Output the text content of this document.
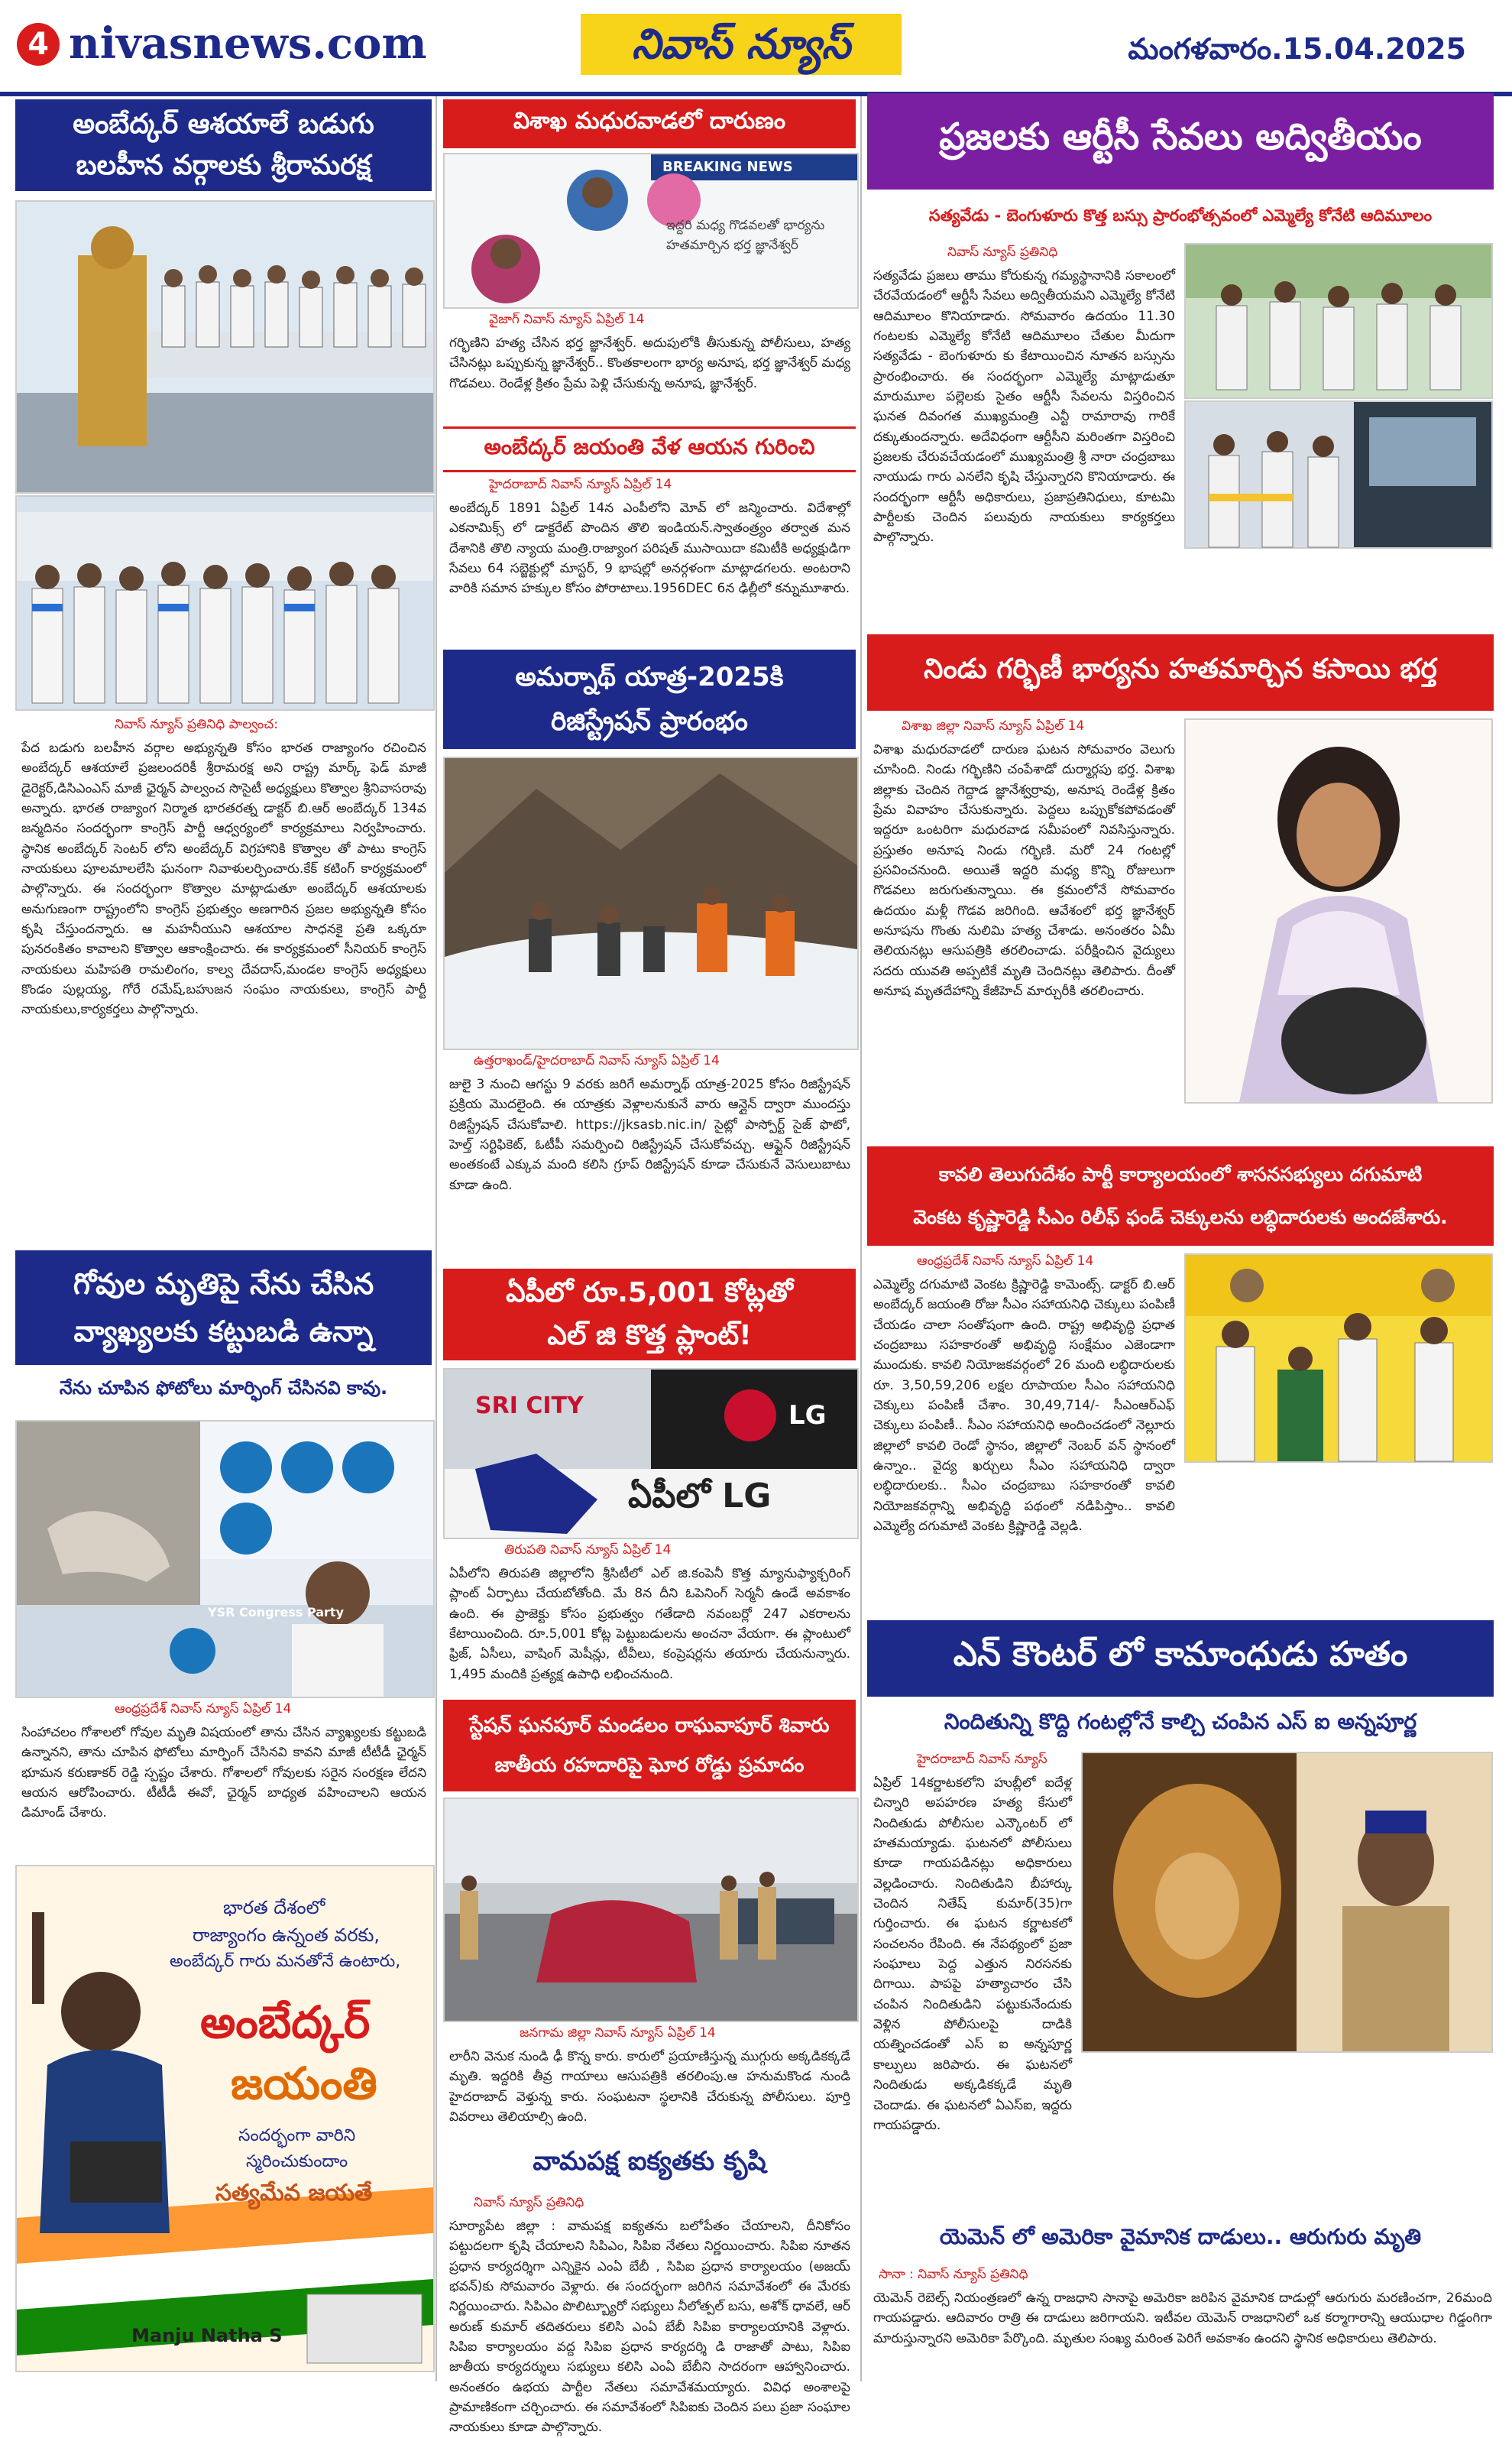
4 nivasnews.com	నివాస్ న్యూస్	మంగళవారం.15.04.2025
అంబేద్కర్ ఆశయాలే బడుగు
బలహీన వర్గాలకు శ్రీరామరక్ష
నివాస్ న్యూస్ ప్రతినిధి పాల్వంచ:
పేద బడుగు బలహీన వర్గాల అభ్యున్నతి కోసం భారత రాజ్యాంగం రచించిన అంబేద్కర్ ఆశయాలే ప్రజలందరికీ శ్రీరామరక్ష అని రాష్ట్ర మార్క్ ఫెడ్ మాజీ డైరెక్టర్,డిసిఎంఎస్ మాజీ ఛైర్మన్ పాల్వంచ సొసైటీ అధ్యక్షులు కొత్వాల శ్రీనివాసరావు అన్నారు. భారత రాజ్యాంగ నిర్మాత భారతరత్న డాక్టర్ బి.ఆర్ అంబేద్కర్ 134వ జన్మదినం సందర్భంగా కాంగ్రెస్ పార్టీ ఆధ్వర్యంలో కార్యక్రమాలు నిర్వహించారు. స్థానిక అంబేద్కర్ సెంటర్ లోని అంబేద్కర్ విగ్రహానికి కొత్వాల తో పాటు కాంగ్రెస్ నాయకులు పూలమాలలేసి ఘనంగా నివాళులర్పించారు.కేక్ కటింగ్ కార్యక్రమంలో పాల్గొన్నారు. ఈ సందర్భంగా కొత్వాల మాట్లాడుతూ అంబేద్కర్ ఆశయాలకు అనుగుణంగా రాష్ట్రంలోని కాంగ్రెస్ ప్రభుత్వం అణగారిన ప్రజల అభ్యున్నతి కోసం కృషి చేస్తుందన్నారు. ఆ మహనీయుని ఆశయాల సాధనకై ప్రతి ఒక్కరూ పునరంకితం కావాలని కొత్వాల ఆకాంక్షించారు. ఈ కార్యక్రమంలో సీనియర్ కాంగ్రెస్ నాయకులు మహిపతి రామలింగం, కాల్వ దేవదాస్,మండల కాంగ్రెస్ అధ్యక్షులు కొండం పుల్లయ్య, గోరే రమేష్,బహుజన సంఘం నాయకులు, కాంగ్రెస్ పార్టీ నాయకులు,కార్యకర్తలు పాల్గొన్నారు.
గోవుల మృతిపై నేను చేసిన
వ్యాఖ్యలకు కట్టుబడి ఉన్నా
నేను చూపిన ఫోటోలు మార్ఫింగ్ చేసినవి కావు.
YSR Congress Party
ఆంధ్రప్రదేశ్ నివాస్ న్యూస్ ఏప్రిల్ 14
సింహాచలం గోశాలలో గోవుల మృతి విషయంలో తాను చేసిన వ్యాఖ్యలకు కట్టుబడి ఉన్నానని, తాను చూపిన ఫోటోలు మార్ఫింగ్ చేసినవి కావని మాజీ టీటీడీ ఛైర్మన్ భూమన కరుణాకర్ రెడ్డి స్పష్టం చేశారు. గోశాలలో గోవులకు సరైన సంరక్షణ లేదని ఆయన ఆరోపించారు. టీటీడీ ఈవో, ఛైర్మన్ బాధ్యత వహించాలని ఆయన డిమాండ్ చేశారు.
భారత దేశంలో
రాజ్యాంగం ఉన్నంత వరకు,
అంబేద్కర్ గారు మనతోనే ఉంటారు,
అంబేద్కర్
జయంతి
సందర్భంగా వారిని
స్మరించుకుందాం
సత్యమేవ జయతే
Manju Natha S
విశాఖ మధురవాడలో దారుణం
BREAKING NEWS
ఇద్దరి మధ్య గొడవలతో భార్యను హతమార్చిన భర్త జ్ఞానేశ్వర్
వైజాగ్ నివాస్ న్యూస్ ఏప్రిల్ 14
గర్భిణిని హత్య చేసిన భర్త జ్ఞానేశ్వర్. అదుపులోకి తీసుకున్న పోలీసులు, హత్య చేసినట్లు ఒప్పుకున్న జ్ఞానేశ్వర్.. కొంతకాలంగా భార్య అనూష, భర్త జ్ఞానేశ్వర్ మధ్య గొడవలు. రెండేళ్ల క్రితం ప్రేమ పెళ్లి చేసుకున్న అనూష, జ్ఞానేశ్వర్.
అంబేద్కర్ జయంతి వేళ ఆయన గురించి
హైదరాబాద్ నివాస్ న్యూస్ ఏప్రిల్ 14
అంబేద్కర్ 1891 ఏప్రిల్ 14న ఎంపీలోని మోవ్ లో జన్మించారు. విదేశాల్లో ఎకనామిక్స్ లో డాక్టరేట్ పొందిన తొలి ఇండియన్.స్వాతంత్ర్యం తర్వాత మన దేశానికి తొలి న్యాయ మంత్రి.రాజ్యాంగ పరిషత్ ముసాయిదా కమిటీకి అధ్యక్షుడిగా సేవలు 64 సబ్జెక్టుల్లో మాస్టర్, 9 భాషల్లో అనర్గళంగా మాట్లాడగలరు. అంటరాని వారికి సమాన హక్కుల కోసం పోరాటాలు.1956DEC 6న ఢిల్లీలో కన్నుమూశారు.
అమర్నాథ్ యాత్ర-2025కి
రిజిస్ట్రేషన్ ప్రారంభం
ఉత్తరాఖండ్/హైదరాబాద్ నివాస్ న్యూస్ ఏప్రిల్ 14
జులై 3 నుంచి ఆగస్టు 9 వరకు జరిగే అమర్నాథ్ యాత్ర-2025 కోసం రిజిస్ట్రేషన్ ప్రక్రియ మొదలైంది. ఈ యాత్రకు వెళ్లాలనుకునే వారు ఆన్లైన్ ద్వారా ముందస్తు రిజిస్ట్రేషన్ చేసుకోవాలి. https://jksasb.nic.in/ సైట్లో పాస్పోర్ట్ సైజ్ ఫొటో, హెల్త్ సర్టిఫికెట్, ఓటీపీ సమర్పించి రిజిస్ట్రేషన్ చేసుకోవచ్చు. ఆఫ్లైన్ రిజిస్ట్రేషన్ అంతకంటే ఎక్కువ మంది కలిసి గ్రూప్ రిజిస్ట్రేషన్ కూడా చేసుకునే వెసులుబాటు కూడా ఉంది.
ఏపీలో రూ.5,001 కోట్లతో
ఎల్ జి కొత్త ప్లాంట్!
SRI CITY	LG
ఏపీలో LG
తిరుపతి నివాస్ న్యూస్ ఏప్రిల్ 14
ఏపీలోని తిరుపతి జిల్లాలోని శ్రీసిటీలో ఎల్ జి.కంపెనీ కొత్త మ్యానుఫ్యాక్చరింగ్ ప్లాంట్ ఏర్పాటు చేయబోతోంది. మే 8న దీని ఓపెనింగ్ సెర్మనీ ఉండే అవకాశం ఉంది. ఈ ప్రాజెక్టు కోసం ప్రభుత్వం గతేడాది నవంబర్లో 247 ఎకరాలను కేటాయించింది. రూ.5,001 కోట్ల పెట్టుబడులను అంచనా వేయగా. ఈ ప్లాంటులో ఫ్రిజ్, ఏసీలు, వాషింగ్ మెషీన్లు, టీవీలు, కంప్రెషర్లను తయారు చేయనున్నారు. 1,495 మందికి ప్రత్యక్ష ఉపాధి లభించనుంది.
స్టేషన్ ఘనపూర్ మండలం రాఘవాపూర్ శివారు
జాతీయ రహదారిపై ఘోర రోడ్డు ప్రమాదం
జనగామ జిల్లా నివాస్ న్యూస్ ఏప్రిల్ 14
లారీని వెనుక నుండి ఢీ కొన్న కారు. కారులో ప్రయాణిస్తున్న ముగ్గురు అక్కడికక్కడే మృతి. ఇద్దరికి తీవ్ర గాయాలు ఆసుపత్రికి తరలింపు.ఆ హనుమకొండ నుండి హైదరాబాద్ వెళ్తున్న కారు. సంఘటనా స్థలానికి చేరుకున్న పోలీసులు. పూర్తి వివరాలు తెలియాల్సి ఉంది.
వామపక్ష ఐక్యతకు కృషి
నివాస్ న్యూస్ ప్రతినిధి
సూర్యాపేట జిల్లా : వామపక్ష ఐక్యతను బలోపేతం చేయాలని, దీనికోసం పట్టుదలగా కృషి చేయాలని సిపిఎం, సిపిఐ నేతలు నిర్ణయించారు. సిపిఐ నూతన ప్రధాన కార్యదర్శిగా ఎన్నికైన ఎంఏ బేబీ , సిపిఐ ప్రధాన కార్యాలయం (అజయ్ భవన్)కు సోమవారం వెళ్లారు. ఈ సందర్భంగా జరిగిన సమావేశంలో ఈ మేరకు నిర్ణయించారు. సిపిఎం పొలిట్బ్యూరో సభ్యులు నీలోత్పల్ బసు, అశోక్ ధావలే, ఆర్ అరుణ్ కుమార్ తదితరులు కలిసి ఎంఏ బేబీ సిపిఐ కార్యాలయానికి వెళ్లారు. సిపిఐ కార్యాలయం వద్ద సిపిఐ ప్రధాన కార్యదర్శి డి రాజాతో పాటు, సిపిఐ జాతీయ కార్యదర్శులు సభ్యులు కలిసి ఎంఏ బేబీని సాదరంగా ఆహ్వానించారు. అనంతరం ఉభయ పార్టీల నేతలు సమావేశమయ్యారు. వివిధ అంశాలపై ప్రామాణికంగా చర్చించారు. ఈ సమావేశంలో సిపిఐకు చెందిన పలు ప్రజా సంఘాల నాయకులు కూడా పాల్గొన్నారు.
ప్రజలకు ఆర్టీసీ సేవలు అద్వితీయం
సత్యవేడు - బెంగుళూరు కొత్త బస్సు ప్రారంభోత్సవంలో ఎమ్మెల్యే కోనేటి ఆదిమూలం
నివాస్ న్యూస్ ప్రతినిధి
సత్యవేడు ప్రజలు తాము కోరుకున్న గమ్యస్థానానికి సకాలంలో చేరవేయడంలో ఆర్టీసీ సేవలు అద్వితీయమని ఎమ్మెల్యే కోనేటి ఆదిమూలం కొనియాడారు. సోమవారం ఉదయం 11.30 గంటలకు ఎమ్మెల్యే కోనేటి ఆదిమూలం చేతుల మీదుగా సత్యవేడు - బెంగుళూరు కు కేటాయించిన నూతన బస్సును ప్రారంభించారు. ఈ సందర్భంగా ఎమ్మెల్యే మాట్లాడుతూ మారుమూల పల్లెలకు సైతం ఆర్టీసీ సేవలను విస్తరించిన ఘనత దివంగత ముఖ్యమంత్రి ఎన్టీ రామారావు గారికే దక్కుతుందన్నారు. అదేవిధంగా ఆర్టీసీని మరింతగా విస్తరించి ప్రజలకు చేరువచేయడంలో ముఖ్యమంత్రి శ్రీ నారా చంద్రబాబు నాయుడు గారు ఎనలేని కృషి చేస్తున్నారని కొనియాడారు. ఈ సందర్భంగా ఆర్టీసీ అధికారులు, ప్రజాప్రతినిధులు, కూటమి పార్టీలకు చెందిన పలువురు నాయకులు కార్యకర్తలు పాల్గొన్నారు.
నిండు గర్భిణీ భార్యను హతమార్చిన కసాయి భర్త
విశాఖ జిల్లా నివాస్ న్యూస్ ఏప్రిల్ 14
విశాఖ మధురవాడలో దారుణ ఘటన సోమవారం వెలుగు చూసింది. నిండు గర్భిణిని చంపేశాడో దుర్మార్గపు భర్త. విశాఖ జిల్లాకు చెందిన గెద్దాడ జ్ఞానేశ్వర్రావు, అనూష రెండేళ్ల క్రితం ప్రేమ వివాహం చేసుకున్నారు. పెద్దలు ఒప్పుకోకపోవడంతో ఇద్దరూ ఒంటరిగా మధురవాడ సమీపంలో నివసిస్తున్నారు. ప్రస్తుతం అనూష నిండు గర్భిణి. మరో 24 గంటల్లో ప్రసవించనుంది. అయితే ఇద్దరి మధ్య కొన్ని రోజులుగా గొడవలు జరుగుతున్నాయి. ఈ క్రమంలోనే సోమవారం ఉదయం మళ్లీ గొడవ జరిగింది. ఆవేశంలో భర్త జ్ఞానేశ్వర్ అనూషను గొంతు నులిమి హత్య చేశాడు. అనంతరం ఏమీ తెలియనట్లు ఆసుపత్రికి తరలించాడు. పరీక్షించిన వైద్యులు సదరు యువతి అప్పటికే మృతి చెందినట్లు తెలిపారు. దీంతో అనూష మృతదేహాన్ని కేజీహెచ్ మార్చురీకి తరలించారు.
కావలి తెలుగుదేశం పార్టీ కార్యాలయంలో శాసనసభ్యులు దగుమాటి
వెంకట కృష్ణారెడ్డి సీఎం రిలీఫ్ ఫండ్ చెక్కులను లబ్ధిదారులకు అందజేశారు.
ఆంధ్రప్రదేశ్ నివాస్ న్యూస్ ఏప్రిల్ 14
ఎమ్మెల్యే దగుమాటి వెంకట క్రిష్ణారెడ్డి కామెంట్స్. డాక్టర్ బి.ఆర్ అంబేద్కర్ జయంతి రోజు సీఎం సహాయనిధి చెక్కులు పంపిణీ చేయడం చాలా సంతోషంగా ఉంది. రాష్ట్ర అభివృద్ధి ప్రధాత చంద్రబాబు సహకారంతో అభివృద్ధి సంక్షేమం ఎజెండాగా ముందుకు. కావలి నియోజకవర్గంలో 26 మంది లబ్ధిదారులకు రూ. 3,50,59,206 లక్షల రూపాయల సీఎం సహాయనిధి చెక్కులు పంపిణీ చేశాం. 30,49,714/- సీఎంఆర్ఎఫ్ చెక్కులు పంపిణీ.. సీఎం సహాయనిధి అందించడంలో నెల్లూరు జిల్లాలో కావలి రెండో స్థానం, జిల్లాలో నెంబర్ వన్ స్థానంలో ఉన్నాం.. వైద్య ఖర్చులు సీఎం సహాయనిధి ద్వారా లబ్ధిదారులకు.. సీఎం చంద్రబాబు సహకారంతో కావలి నియోజకవర్గాన్ని అభివృద్ధి పథంలో నడిపిస్తాం.. కావలి ఎమ్మెల్యే దగుమాటి వెంకట క్రిష్ణారెడ్డి వెల్లడి.
ఎన్ కౌంటర్ లో కామాంధుడు హతం
నిందితున్ని కొద్ది గంటల్లోనే కాల్చి చంపిన ఎస్ ఐ అన్నపూర్ణ
హైదరాబాద్ నివాస్ న్యూస్
ఏప్రిల్ 14కర్ణాటకలోని హుబ్లీలో ఐదేళ్ల చిన్నారి అపహరణ హత్య కేసులో నిందితుడు పోలీసుల ఎన్కౌంటర్ లో హతమయ్యాడు. ఘటనలో పోలీసులు కూడా గాయపడినట్లు అధికారులు వెల్లడించారు. నిందితుడిని బీహార్కు చెందిన నితేష్ కుమార్(35)గా గుర్తించారు. ఈ ఘటన కర్ణాటకలో సంచలనం రేపింది. ఈ నేపథ్యంలో ప్రజా సంఘాలు పెద్ద ఎత్తున నిరసనకు దిగాయి. పాపపై హత్యాచారం చేసి చంపిన నిందితుడిని పట్టుకునేందుకు వెళ్లిన పోలీసులపై దాడికి యత్నించడంతో ఎస్ ఐ అన్నపూర్ణ కాల్పులు జరిపారు. ఈ ఘటనలో నిందితుడు అక్కడికక్కడే మృతి చెందాడు. ఈ ఘటనలో ఏఎస్ఐ, ఇద్దరు గాయపడ్డారు.
యెమెన్ లో అమెరికా వైమానిక దాడులు.. ఆరుగురు మృతి
సానా : నివాస్ న్యూస్ ప్రతినిధి
యెమెన్ రెబెల్స్ నియంత్రణలో ఉన్న రాజధాని సానాపై అమెరికా జరిపిన వైమానిక దాడుల్లో ఆరుగురు మరణించగా, 26మంది గాయపడ్డారు. ఆదివారం రాత్రి ఈ దాడులు జరిగాయని. ఇటీవల యెమెన్ రాజధానిలో ఒక కర్మాగారాన్ని ఆయుధాల గిడ్డంగిగా మారుస్తున్నారని అమెరికా పేర్కొంది. మృతుల సంఖ్య మరింత పెరిగే అవకాశం ఉందని స్థానిక అధికారులు తెలిపారు.
